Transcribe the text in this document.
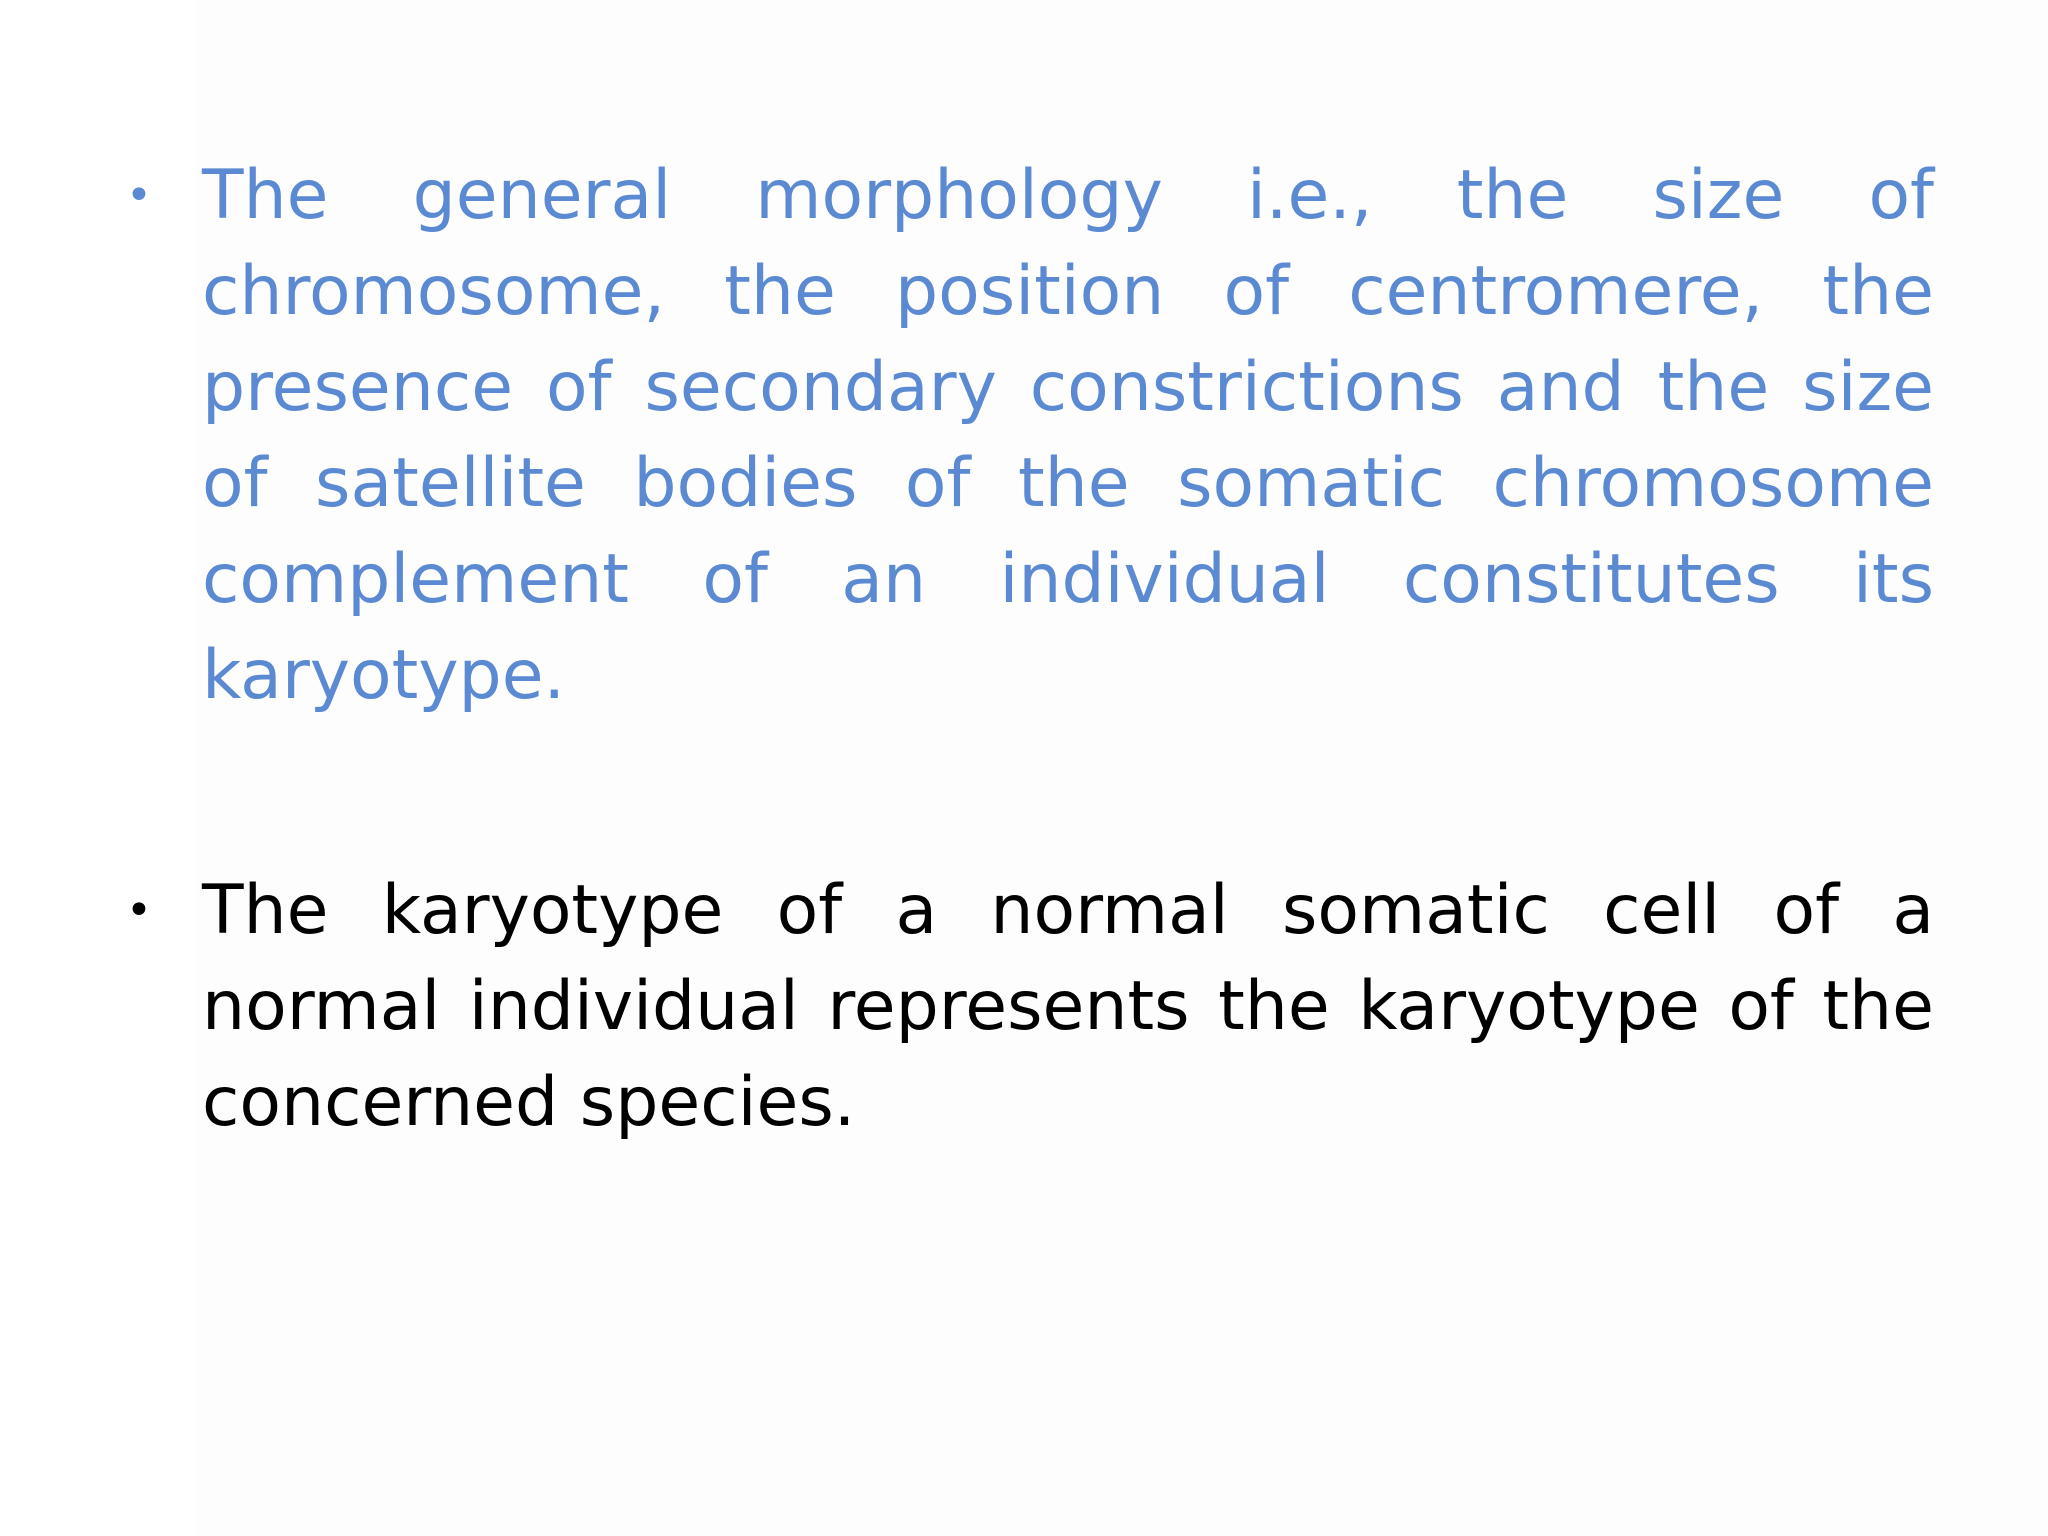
• The general morphology i.e., the size of chromosome, the position of centromere, the presence of secondary constrictions and the size of satellite bodies of the somatic chromosome complement of an individual constitutes its karyotype.

• The karyotype of a normal somatic cell of a normal individual represents the karyotype of the concerned species.
